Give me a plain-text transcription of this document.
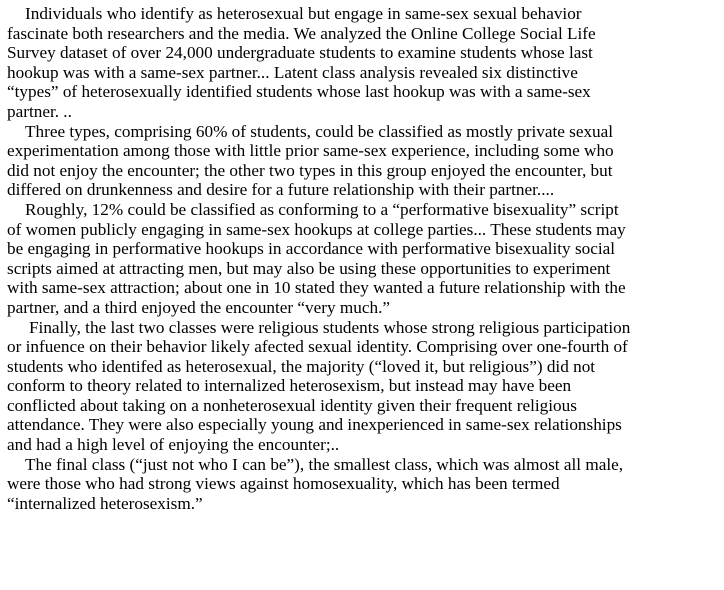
Individuals who identify as heterosexual but engage in same-sex sexual behavior
fascinate both researchers and the media. We analyzed the Online College Social Life
Survey dataset of over 24,000 undergraduate students to examine students whose last
hookup was with a same-sex partner... Latent class analysis revealed six distinctive
“types” of heterosexually identified students whose last hookup was with a same-sex
partner. ..

Three types, comprising 60% of students, could be classified as mostly private sexual
experimentation among those with little prior same-sex experience, including some who
did not enjoy the encounter; the other two types in this group enjoyed the encounter, but
differed on drunkenness and desire for a future relationship with their partner....

Roughly, 12% could be classified as conforming to a “performative bisexuality” script
of women publicly engaging in same-sex hookups at college parties... These students may
be engaging in performative hookups in accordance with performative bisexuality social
scripts aimed at attracting men, but may also be using these opportunities to experiment
with same-sex attraction; about one in 10 stated they wanted a future relationship with the
partner, and a third enjoyed the encounter “very much.”

Finally, the last two classes were religious students whose strong religious participation
or infuence on their behavior likely afected sexual identity. Comprising over one-fourth of
students who identifed as heterosexual, the majority (“loved it, but religious”) did not
conform to theory related to internalized heterosexism, but instead may have been
conflicted about taking on a nonheterosexual identity given their frequent religious
attendance. They were also especially young and inexperienced in same-sex relationships
and had a high level of enjoying the encounter;..

The final class (“just not who I can be”), the smallest class, which was almost all male,
were those who had strong views against homosexuality, which has been termed
“internalized heterosexism.”
